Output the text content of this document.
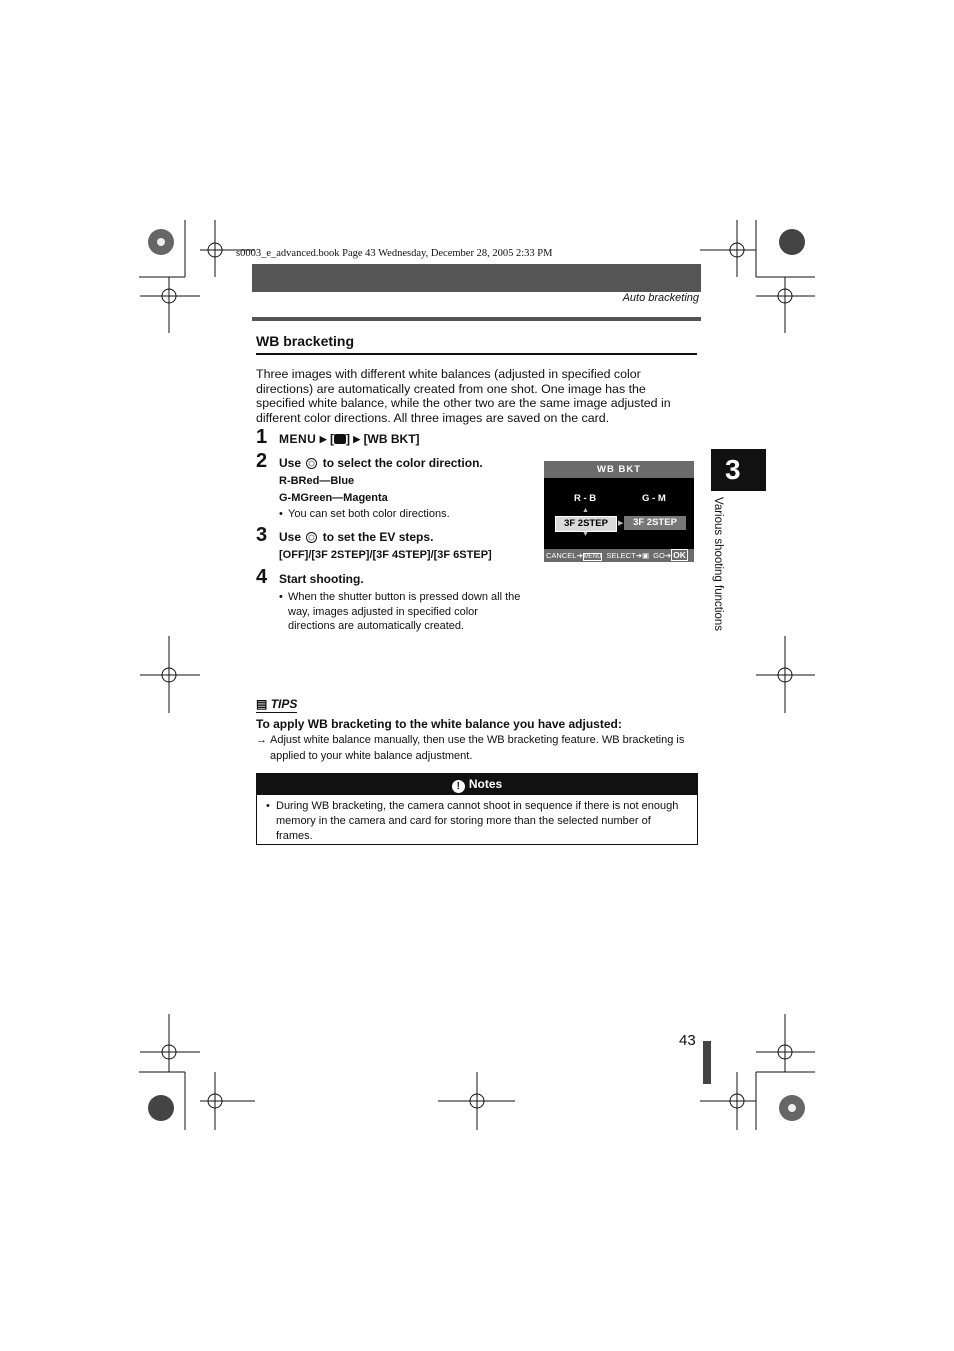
s0003_e_advanced.book Page 43 Wednesday, December 28, 2005 2:33 PM
Auto bracketing
WB bracketing
Three images with different white balances (adjusted in specified color directions) are automatically created from one shot. One image has the specified white balance, while the other two are the same image adjusted in different color directions. All three images are saved on the card.
1 MENU ▶ [ ] ▶ [WB BKT]
2 Use to select the color direction.
R-BRed—Blue
G-MGreen—Magenta
• You can set both color directions.
3 Use to set the EV steps.
[OFF]/[3F 2STEP]/[3F 4STEP]/[3F 6STEP]
4 Start shooting.
• When the shutter button is pressed down all the way, images adjusted in specified color directions are automatically created.
WB BKT
R - B	G - M
▲
3F 2STEP	▶	3F 2STEP
▼
CANCEL➔MENU SELECT➔▣ GO➔ OK
3
Various shooting functions
▤ TIPS
To apply WB bracketing to the white balance you have adjusted:
→ Adjust white balance manually, then use the WB bracketing feature. WB bracketing is applied to your white balance adjustment.
! Notes
• During WB bracketing, the camera cannot shoot in sequence if there is not enough memory in the camera and card for storing more than the selected number of frames.
43
